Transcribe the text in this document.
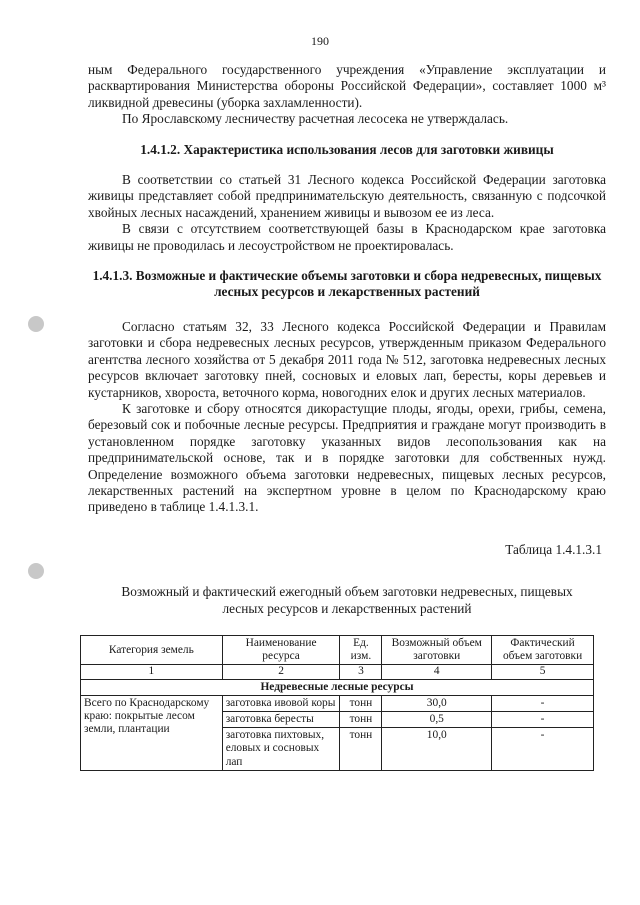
190

ным Федерального государственного учреждения «Управление эксплуатации и расквартирования Министерства обороны Российской Федерации», составляет 1000 м³ ликвидной древесины (уборка захламленности).

По Ярославскому лесничеству расчетная лесосека не утверждалась.

1.4.1.2. Характеристика использования лесов для заготовки живицы

В соответствии со статьей 31 Лесного кодекса Российской Федерации заготовка живицы представляет собой предпринимательскую деятельность, связанную с подсочкой хвойных лесных насаждений, хранением живицы и вывозом ее из леса.

В связи с отсутствием соответствующей базы в Краснодарском крае заготовка живицы не проводилась и лесоустройством не проектировалась.

1.4.1.3. Возможные и фактические объемы заготовки и сбора недревесных, пищевых лесных ресурсов и лекарственных растений

Согласно статьям 32, 33 Лесного кодекса Российской Федерации и Правилам заготовки и сбора недревесных лесных ресурсов, утвержденным приказом Федерального агентства лесного хозяйства от 5 декабря 2011 года № 512, заготовка недревесных лесных ресурсов включает заготовку пней, сосновых и еловых лап, бересты, коры деревьев и кустарников, хвороста, веточного корма, новогодних елок и других лесных материалов.

К заготовке и сбору относятся дикорастущие плоды, ягоды, орехи, грибы, семена, березовый сок и побочные лесные ресурсы. Предприятия и граждане могут производить в установленном порядке заготовку указанных видов лесопользования как на предпринимательской основе, так и в порядке заготовки для собственных нужд. Определение возможного объема заготовки недревесных, пищевых лесных ресурсов, лекарственных растений на экспертном уровне в целом по Краснодарскому краю приведено в таблице 1.4.1.3.1.

Таблица 1.4.1.3.1
Возможный и фактический ежегодный объем заготовки недревесных, пищевых лесных ресурсов и лекарственных растений
Категория земель	Наименование ресурса	Ед. изм.	Возможный объем заготовки	Фактический объем заготовки
1	2	3	4	5
Недревесные лесные ресурсы				
Всего по Краснодарскому краю: покрытые лесом земли, плантации	заготовка ивовой коры	тонн	30,0	-
	заготовка бересты	тонн	0,5	-
	заготовка пихтовых, еловых и сосновых лап	тонн	10,0	-
